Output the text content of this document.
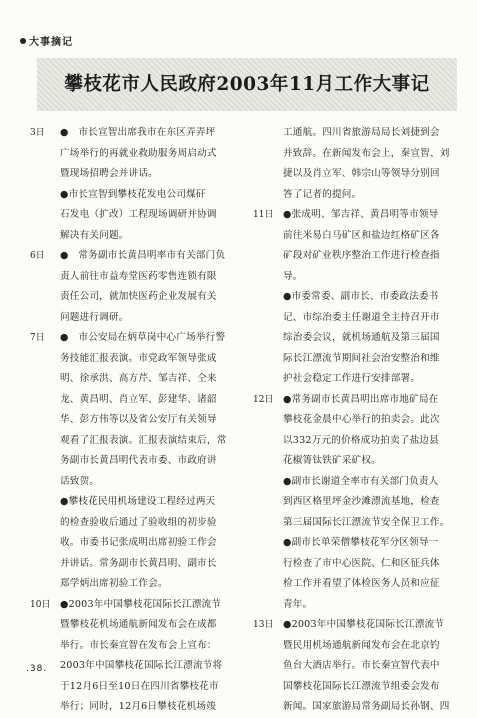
大事摘记
攀枝花市人民政府2003年11月工作大事记
3日	●　市长宣智出席我市在东区弄弄坪
广场举行的再就业救助服务周启动式
暨现场招聘会并讲话。
●市长宣智到攀枝花发电公司煤矸
石发电（扩改）工程现场调研并协调
解决有关问题。
6日	●　常务副市长黄昌明率市有关部门负
责人前往市益寿堂医药零售连锁有限
责任公司，就加快医药企业发展有关
问题进行调研。
7日	●　市公安局在炳草岗中心广场举行警
务技能汇报表演。市党政军领导张成
明、徐承洪、高方芹、邹吉祥、仝来
龙、黄昌明、肖立军、彭建华、诸韶
华、彭方伟等以及省公安厅有关领导
观看了汇报表演。汇报表演结束后，常
务副市长黄昌明代表市委、市政府讲
话致贺。
●攀枝花民用机场建设工程经过两天
的检查验收后通过了验收组的初步验
收。市委书记张成明出席初验工作会
并讲话。常务副市长黄昌明、副市长
郑学炳出席初验工作会。
10日 ●2003年中国攀枝花国际长江漂流节
暨攀枝花机场通航新闻发布会在成都
举行。市长秦宣智在发布会上宣布：
2003年中国攀枝花国际长江漂流节将
于12月6日至10日在四川省攀枝花市
举行；同时，12月6日攀枝花机场竣
工通航。四川省旅游局局长刘捷到会
并致辞。在新闻发布会上，秦宣智、刘
捷以及肖立军、韩宗山等领导分别回
答了记者的提问。
11日 ●张成明、邹吉祥、黄昌明等市领导
前往米易白马矿区和盐边红格矿区各
矿段对矿业秩序整治工作进行检查指
导。
●市委常委、副市长、市委政法委书
记、市综治委主任谢道全主持召开市
综治委会议，就机场通航及第三届国
际长江漂流节期间社会治安整治和维
护社会稳定工作进行安排部署。
12日 ●常务副市长黄昌明出席市地矿局在
攀枝花金晨中心举行的拍卖会。此次
以332万元的价格成功拍卖了盐边县
花椒箐钛铁矿采矿权。
●副市长谢道全率市有关部门负责人
到西区格里坪金沙滩漂流基地，检查
第三届国际长江漂流节安全保卫工作。
●副市长单荣僧攀枝花军分区领导一
行检查了市中心医院、仁和区征兵体
检工作并看望了体检医务人员和应征
青年。
13日 ●2003年中国攀枝花国际长江漂流节
暨民用机场通航新闻发布会在北京钓
鱼台大酒店举行。市长秦宣智代表中
国攀枝花国际长江漂流节组委会发布
新闻。国家旅游局常务副局长孙钢、四
.38.
